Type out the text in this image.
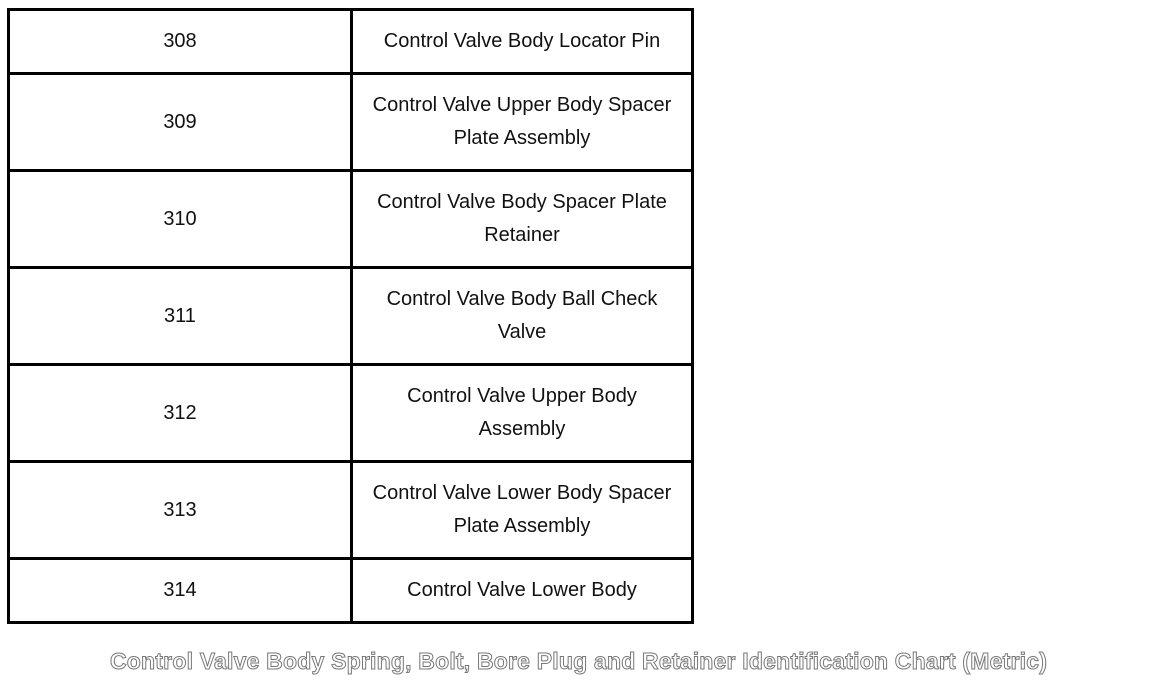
308	Control Valve Body Locator Pin
309	Control Valve Upper Body Spacer Plate Assembly
310	Control Valve Body Spacer Plate Retainer
311	Control Valve Body Ball Check Valve
312	Control Valve Upper Body Assembly
313	Control Valve Lower Body Spacer Plate Assembly
314	Control Valve Lower Body
Control Valve Body Spring, Bolt, Bore Plug and Retainer Identification Chart (Metric)
